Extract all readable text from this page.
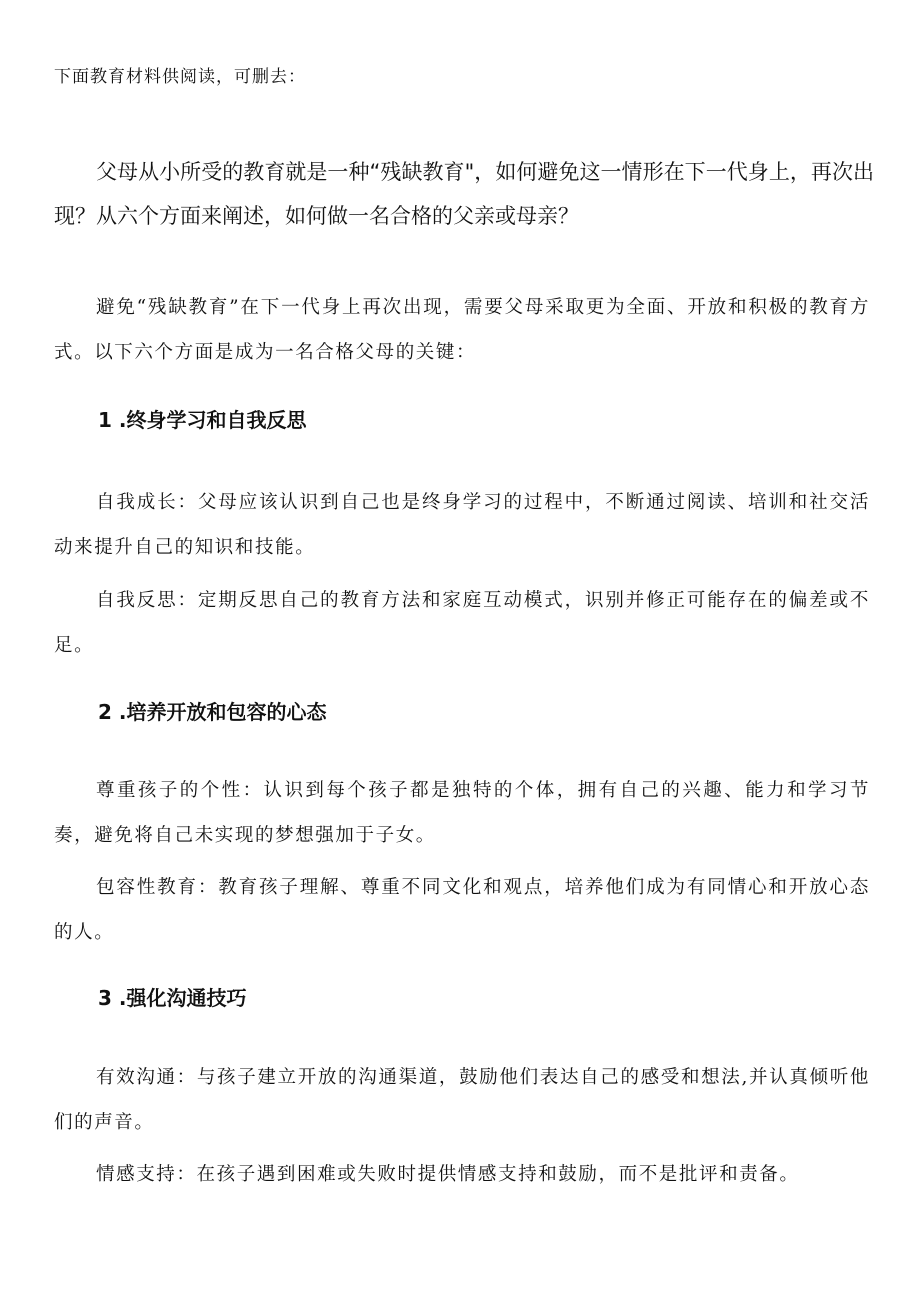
下面教育材料供阅读，可删去：

父母从小所受的教育就是一种“残缺教育"，如何避免这一情形在下一代身上，再次出现？从六个方面来阐述，如何做一名合格的父亲或母亲？

避免“残缺教育”在下一代身上再次出现，需要父母采取更为全面、开放和积极的教育方式。以下六个方面是成为一名合格父母的关键：

1 .终身学习和自我反思

自我成长：父母应该认识到自己也是终身学习的过程中，不断通过阅读、培训和社交活动来提升自己的知识和技能。

自我反思：定期反思自己的教育方法和家庭互动模式，识别并修正可能存在的偏差或不足。

2 .培养开放和包容的心态

尊重孩子的个性：认识到每个孩子都是独特的个体，拥有自己的兴趣、能力和学习节奏，避免将自己未实现的梦想强加于子女。

包容性教育：教育孩子理解、尊重不同文化和观点，培养他们成为有同情心和开放心态的人。

3 .强化沟通技巧

有效沟通：与孩子建立开放的沟通渠道，鼓励他们表达自己的感受和想法,并认真倾听他们的声音。

情感支持：在孩子遇到困难或失败时提供情感支持和鼓励，而不是批评和责备。
